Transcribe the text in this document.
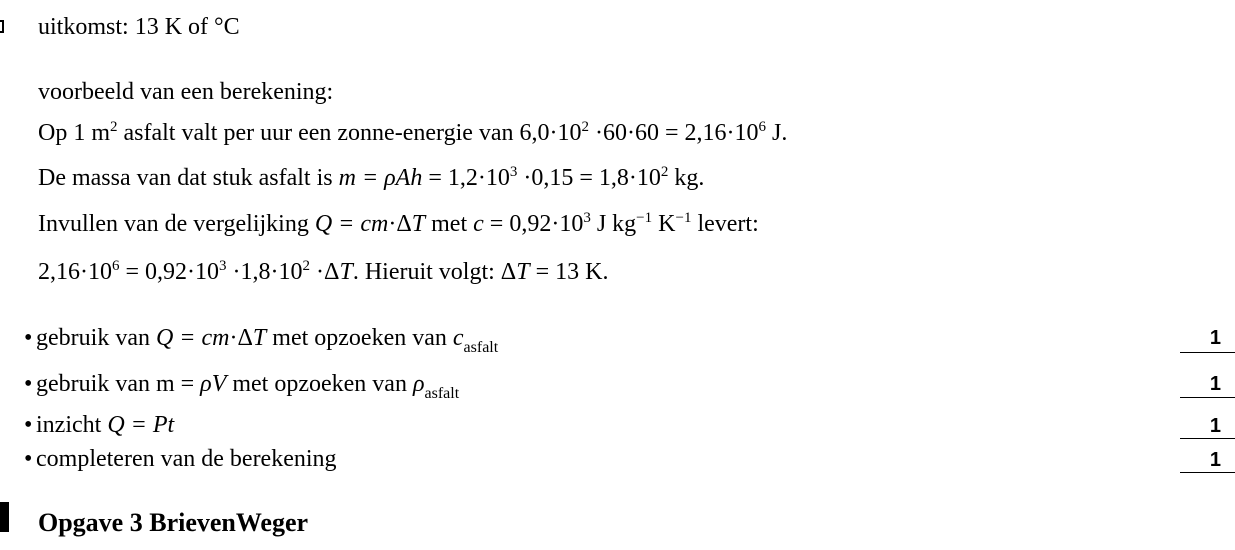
uitkomst: 13 K of °C
voorbeeld van een berekening:
Op 1 $m^2$ asfalt valt per uur een zonne-energie van $6,0\cdot 10^2 \cdot 60\cdot 60 = 2,16\cdot 10^6$ J.
De massa van dat stuk asfalt is $m = \rho Ah = 1,2\cdot 10^3 \cdot 0,15 = 1,8\cdot 10^2$ kg.
Invullen van de vergelijking Q = cm·ΔT met $c = 0,92\cdot 10^3$ J $kg^{-1}$ $K^{-1}$ levert:
$2,16\cdot 10^6 = 0,92\cdot 10^3 \cdot 1,8\cdot 10^2 \cdot\Delta T$. Hieruit volgt: ΔT = 13 K.
• gebruik van Q = cm·ΔT met opzoeken van $c_{asfalt}$	1
• gebruik van m = ρV met opzoeken van $\rho_{asfalt}$	1
• inzicht Q = Pt	1
• completeren van de berekening	1
Opgave 3 BrievenWeger
